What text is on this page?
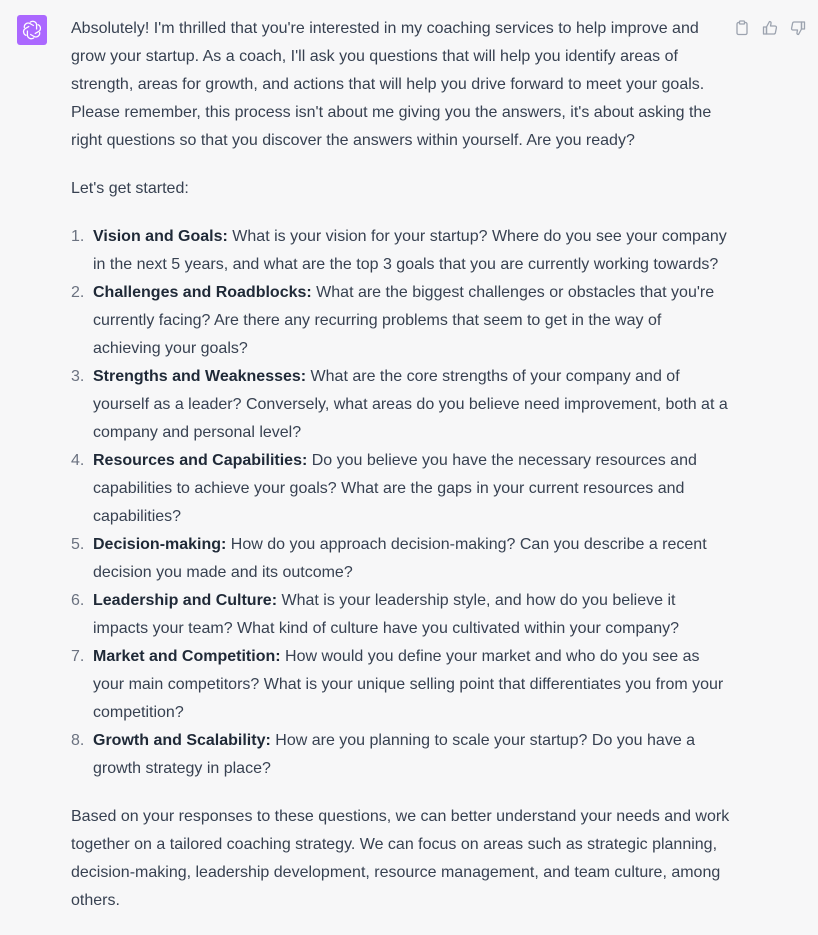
Absolutely! I'm thrilled that you're interested in my coaching services to help improve and grow your startup. As a coach, I'll ask you questions that will help you identify areas of strength, areas for growth, and actions that will help you drive forward to meet your goals. Please remember, this process isn't about me giving you the answers, it's about asking the right questions so that you discover the answers within yourself. Are you ready?

Let's get started:

1. Vision and Goals: What is your vision for your startup? Where do you see your company in the next 5 years, and what are the top 3 goals that you are currently working towards?
2. Challenges and Roadblocks: What are the biggest challenges or obstacles that you're currently facing? Are there any recurring problems that seem to get in the way of achieving your goals?
3. Strengths and Weaknesses: What are the core strengths of your company and of yourself as a leader? Conversely, what areas do you believe need improvement, both at a company and personal level?
4. Resources and Capabilities: Do you believe you have the necessary resources and capabilities to achieve your goals? What are the gaps in your current resources and capabilities?
5. Decision-making: How do you approach decision-making? Can you describe a recent decision you made and its outcome?
6. Leadership and Culture: What is your leadership style, and how do you believe it impacts your team? What kind of culture have you cultivated within your company?
7. Market and Competition: How would you define your market and who do you see as your main competitors? What is your unique selling point that differentiates you from your competition?
8. Growth and Scalability: How are you planning to scale your startup? Do you have a growth strategy in place?

Based on your responses to these questions, we can better understand your needs and work together on a tailored coaching strategy. We can focus on areas such as strategic planning, decision-making, leadership development, resource management, and team culture, among others.
